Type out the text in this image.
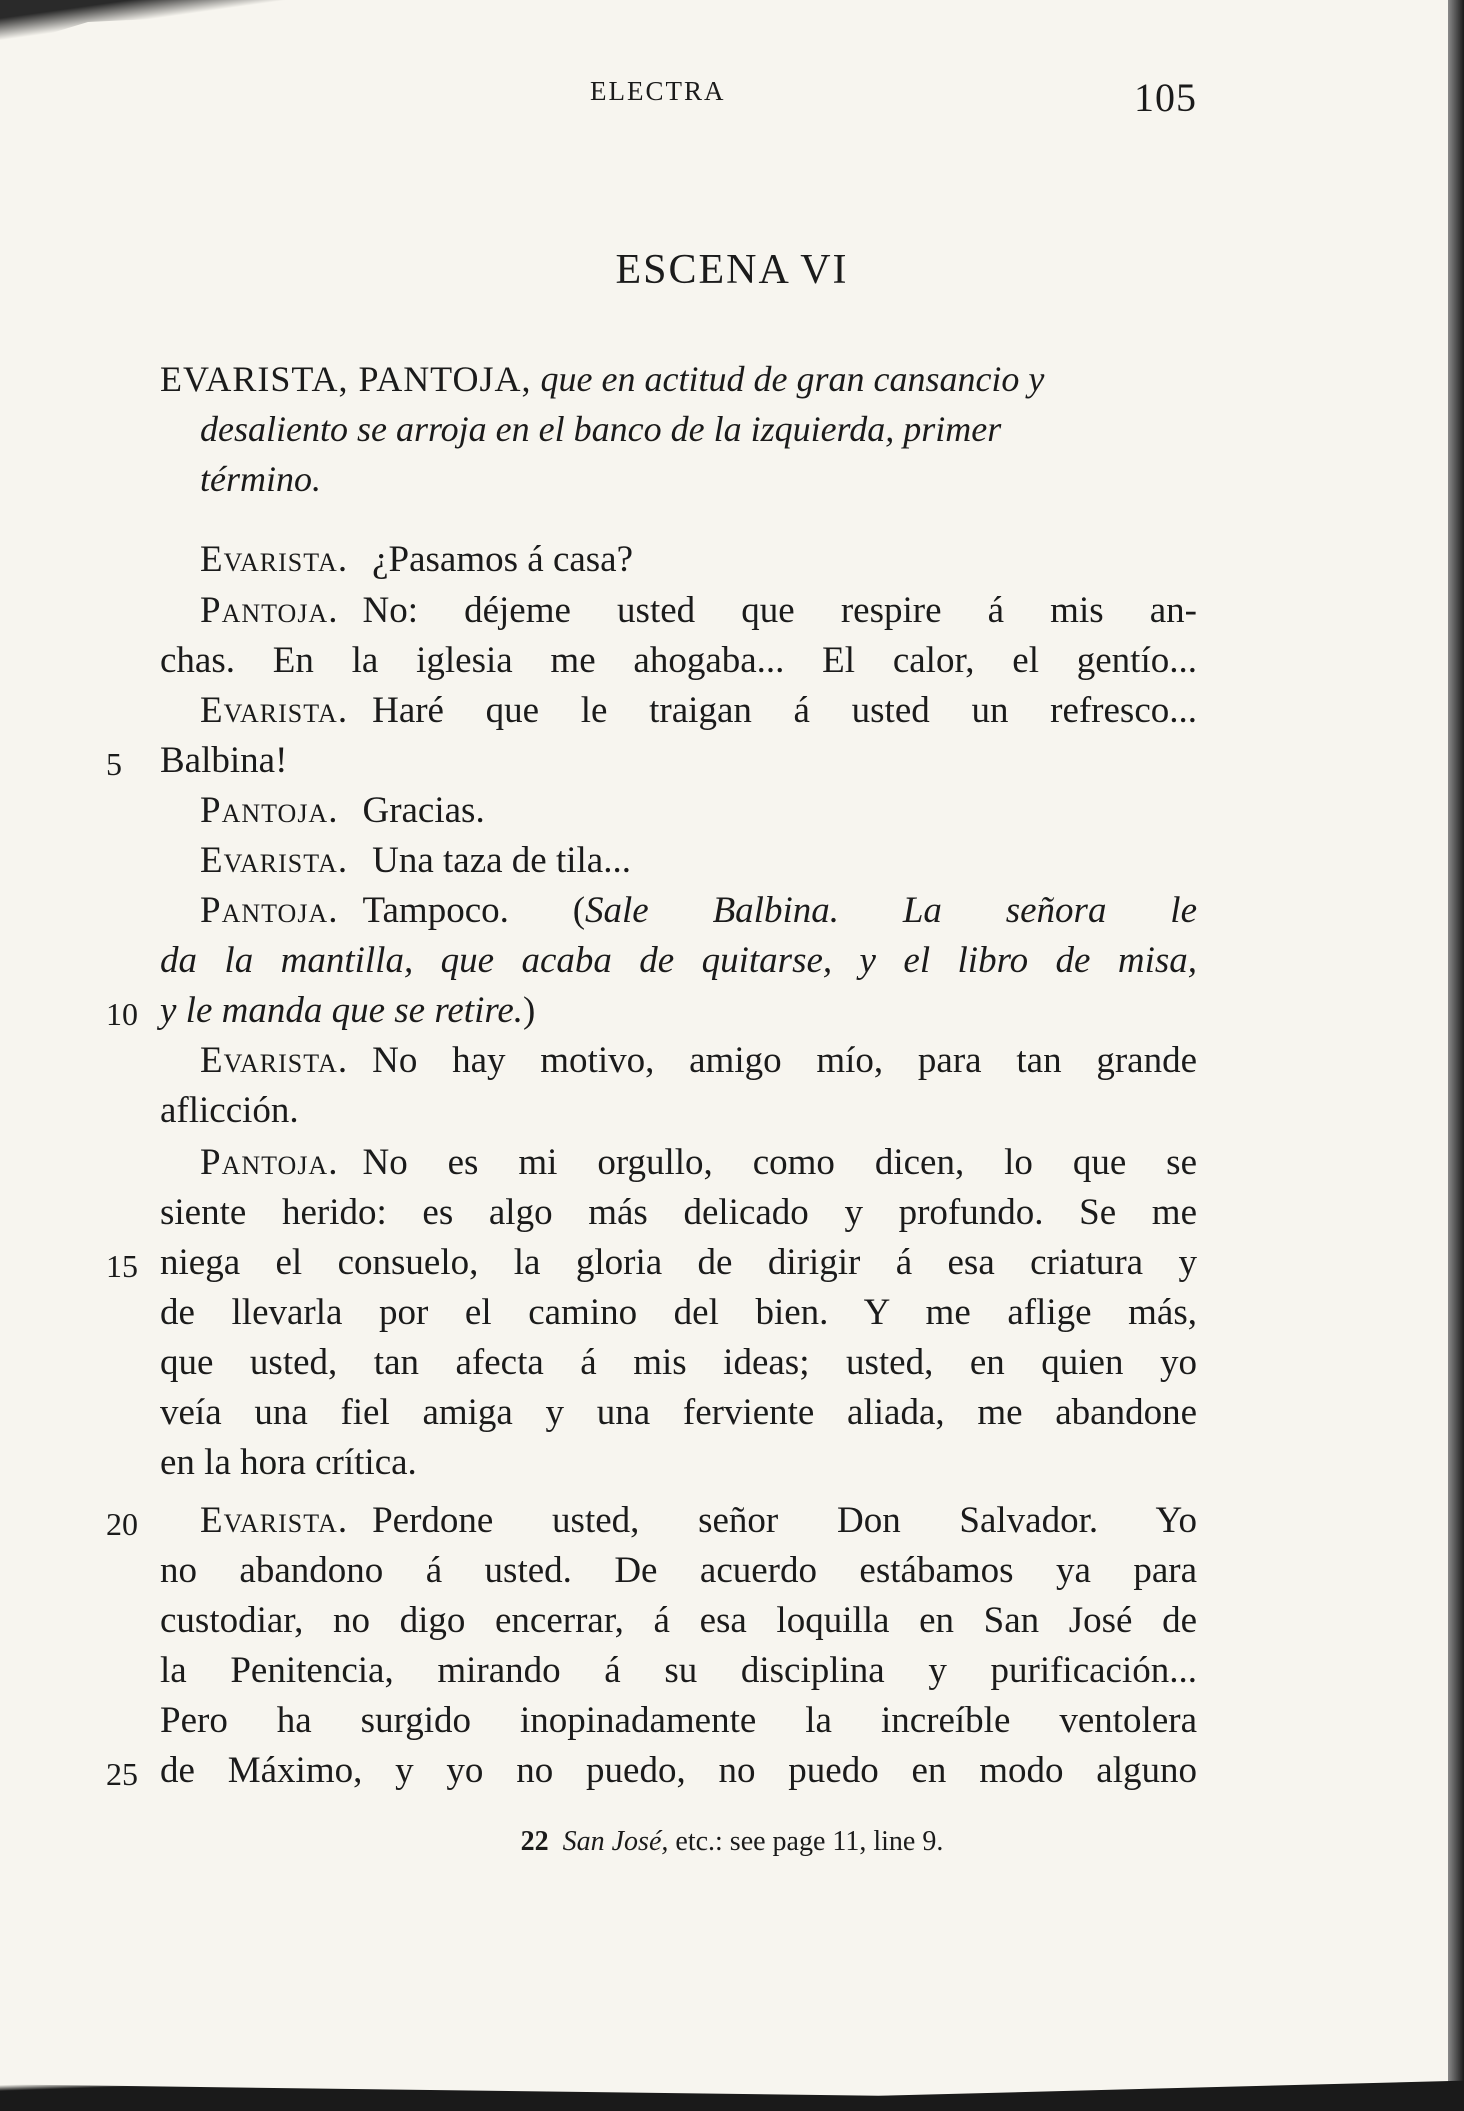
ELECTRA	105
ESCENA VI
EVARISTA, PANTOJA, que en actitud de gran cansancio y
desaliento se arroja en el banco de la izquierda, primer
término.
Evarista. ¿Pasamos á casa?
Pantoja. No: déjeme usted que respire á mis an-
chas. En la iglesia me ahogaba... El calor, el gentío...
Evarista. Haré que le traigan á usted un refresco...
5	Balbina!
Pantoja. Gracias.
Evarista. Una taza de tila...
Pantoja. Tampoco. (Sale Balbina. La señora le
da la mantilla, que acaba de quitarse, y el libro de misa,
10 y le manda que se retire.)
Evarista. No hay motivo, amigo mío, para tan grande
aflicción.
Pantoja. No es mi orgullo, como dicen, lo que se
siente herido: es algo más delicado y profundo. Se me
15 niega el consuelo, la gloria de dirigir á esa criatura y
de llevarla por el camino del bien. Y me aflige más,
que usted, tan afecta á mis ideas; usted, en quien yo
veía una fiel amiga y una ferviente aliada, me abandone
en la hora crítica.
20	Evarista. Perdone usted, señor Don Salvador. Yo
no abandono á usted. De acuerdo estábamos ya para
custodiar, no digo encerrar, á esa loquilla en San José de
la Penitencia, mirando á su disciplina y purificación...
Pero ha surgido inopinadamente la increíble ventolera
25 de Máximo, y yo no puedo, no puedo en modo alguno
22 San José, etc.: see page 11, line 9.
